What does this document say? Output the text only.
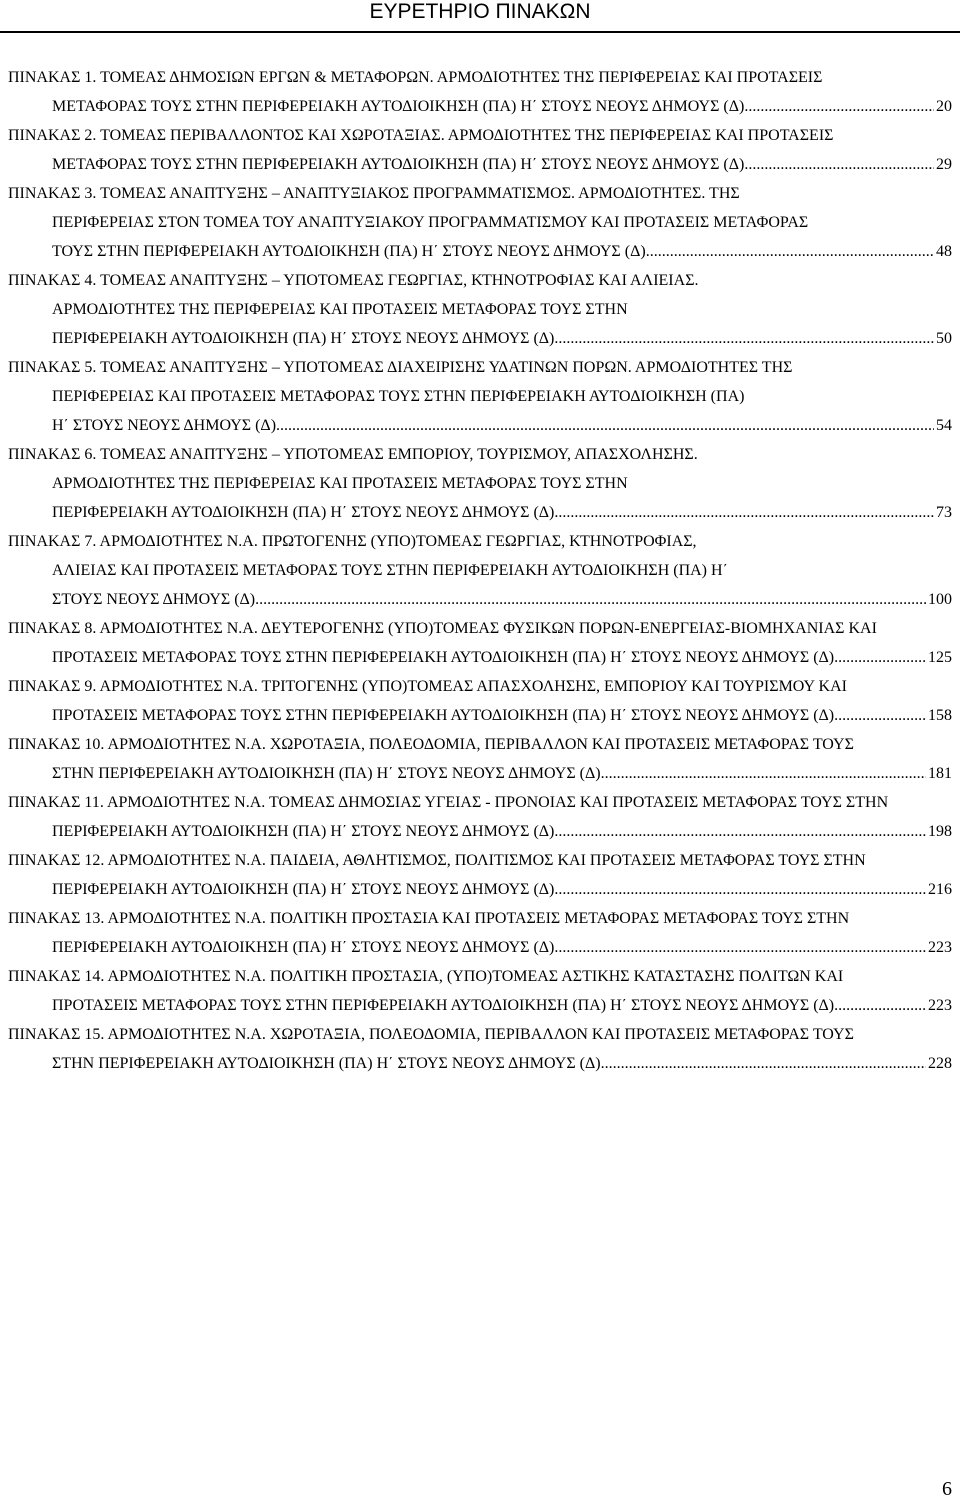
ΕΥΡΕΤΗΡΙΟ ΠΙΝΑΚΩΝ
ΠΙΝΑΚΑΣ 1. ΤΟΜΕΑΣ ΔΗΜΟΣΙΩΝ ΕΡΓΩΝ & ΜΕΤΑΦΟΡΩΝ. ΑΡΜΟΔΙΟΤΗΤΕΣ ΤΗΣ ΠΕΡΙΦΕΡΕΙΑΣ ΚΑΙ ΠΡΟΤΑΣΕΙΣ
ΜΕΤΑΦΟΡΑΣ ΤΟΥΣ ΣΤΗΝ ΠΕΡΙΦΕΡΕΙΑΚΗ ΑΥΤΟΔΙΟΙΚΗΣΗ (ΠΑ) Η΄ ΣΤΟΥΣ ΝΕΟΥΣ ΔΗΜΟΥΣ (Δ) .....	20
ΠΙΝΑΚΑΣ 2. ΤΟΜΕΑΣ ΠΕΡΙΒΑΛΛΟΝΤΟΣ ΚΑΙ ΧΩΡΟΤΑΞΙΑΣ. ΑΡΜΟΔΙΟΤΗΤΕΣ ΤΗΣ ΠΕΡΙΦΕΡΕΙΑΣ ΚΑΙ ΠΡΟΤΑΣΕΙΣ
ΜΕΤΑΦΟΡΑΣ ΤΟΥΣ ΣΤΗΝ ΠΕΡΙΦΕΡΕΙΑΚΗ ΑΥΤΟΔΙΟΙΚΗΣΗ (ΠΑ) Η΄ ΣΤΟΥΣ ΝΕΟΥΣ ΔΗΜΟΥΣ (Δ) .....	29
ΠΙΝΑΚΑΣ 3. ΤΟΜΕΑΣ ΑΝΑΠΤΥΞΗΣ – ΑΝΑΠΤΥΞΙΑΚΟΣ ΠΡΟΓΡΑΜΜΑΤΙΣΜΟΣ. ΑΡΜΟΔΙΟΤΗΤΕΣ. ΤΗΣ
ΠΕΡΙΦΕΡΕΙΑΣ ΣΤΟΝ ΤΟΜΕΑ ΤΟΥ ΑΝΑΠΤΥΞΙΑΚΟΥ ΠΡΟΓΡΑΜΜΑΤΙΣΜΟΥ ΚΑΙ ΠΡΟΤΑΣΕΙΣ ΜΕΤΑΦΟΡΑΣ
ΤΟΥΣ ΣΤΗΝ ΠΕΡΙΦΕΡΕΙΑΚΗ ΑΥΤΟΔΙΟΙΚΗΣΗ (ΠΑ) Η΄ ΣΤΟΥΣ ΝΕΟΥΣ ΔΗΜΟΥΣ (Δ) .....	48
ΠΙΝΑΚΑΣ 4. ΤΟΜΕΑΣ ΑΝΑΠΤΥΞΗΣ – ΥΠΟΤΟΜΕΑΣ ΓΕΩΡΓΙΑΣ, ΚΤΗΝΟΤΡΟΦΙΑΣ ΚΑΙ ΑΛΙΕΙΑΣ.
ΑΡΜΟΔΙΟΤΗΤΕΣ ΤΗΣ ΠΕΡΙΦΕΡΕΙΑΣ ΚΑΙ ΠΡΟΤΑΣΕΙΣ ΜΕΤΑΦΟΡΑΣ ΤΟΥΣ ΣΤΗΝ
ΠΕΡΙΦΕΡΕΙΑΚΗ ΑΥΤΟΔΙΟΙΚΗΣΗ (ΠΑ) Η΄ ΣΤΟΥΣ ΝΕΟΥΣ ΔΗΜΟΥΣ (Δ) .....	50
ΠΙΝΑΚΑΣ 5. ΤΟΜΕΑΣ ΑΝΑΠΤΥΞΗΣ – ΥΠΟΤΟΜΕΑΣ ΔΙΑΧΕΙΡΙΣΗΣ ΥΔΑΤΙΝΩΝ ΠΟΡΩΝ. ΑΡΜΟΔΙΟΤΗΤΕΣ ΤΗΣ
ΠΕΡΙΦΕΡΕΙΑΣ ΚΑΙ ΠΡΟΤΑΣΕΙΣ ΜΕΤΑΦΟΡΑΣ ΤΟΥΣ ΣΤΗΝ ΠΕΡΙΦΕΡΕΙΑΚΗ ΑΥΤΟΔΙΟΙΚΗΣΗ (ΠΑ)
Η΄ ΣΤΟΥΣ ΝΕΟΥΣ ΔΗΜΟΥΣ (Δ) .....	54
ΠΙΝΑΚΑΣ 6. ΤΟΜΕΑΣ ΑΝΑΠΤΥΞΗΣ – ΥΠΟΤΟΜΕΑΣ ΕΜΠΟΡΙΟΥ, ΤΟΥΡΙΣΜΟΥ, ΑΠΑΣΧΟΛΗΣΗΣ.
ΑΡΜΟΔΙΟΤΗΤΕΣ ΤΗΣ ΠΕΡΙΦΕΡΕΙΑΣ ΚΑΙ ΠΡΟΤΑΣΕΙΣ ΜΕΤΑΦΟΡΑΣ ΤΟΥΣ ΣΤΗΝ
ΠΕΡΙΦΕΡΕΙΑΚΗ ΑΥΤΟΔΙΟΙΚΗΣΗ (ΠΑ) Η΄ ΣΤΟΥΣ ΝΕΟΥΣ ΔΗΜΟΥΣ (Δ) .....	73
ΠΙΝΑΚΑΣ 7. ΑΡΜΟΔΙΟΤΗΤΕΣ Ν.Α. ΠΡΩΤΟΓΕΝΗΣ (ΥΠΟ)ΤΟΜΕΑΣ ΓΕΩΡΓΙΑΣ, ΚΤΗΝΟΤΡΟΦΙΑΣ,
ΑΛΙΕΙΑΣ ΚΑΙ ΠΡΟΤΑΣΕΙΣ ΜΕΤΑΦΟΡΑΣ ΤΟΥΣ ΣΤΗΝ ΠΕΡΙΦΕΡΕΙΑΚΗ ΑΥΤΟΔΙΟΙΚΗΣΗ (ΠΑ) Η΄
ΣΤΟΥΣ ΝΕΟΥΣ ΔΗΜΟΥΣ (Δ) .....	100
ΠΙΝΑΚΑΣ 8. ΑΡΜΟΔΙΟΤΗΤΕΣ Ν.Α. ΔΕΥΤΕΡΟΓΕΝΗΣ (ΥΠΟ)ΤΟΜΕΑΣ ΦΥΣΙΚΩΝ ΠΟΡΩΝ-ΕΝΕΡΓΕΙΑΣ-ΒΙΟΜΗΧΑΝΙΑΣ ΚΑΙ
ΠΡΟΤΑΣΕΙΣ ΜΕΤΑΦΟΡΑΣ ΤΟΥΣ ΣΤΗΝ ΠΕΡΙΦΕΡΕΙΑΚΗ ΑΥΤΟΔΙΟΙΚΗΣΗ (ΠΑ) Η΄ ΣΤΟΥΣ ΝΕΟΥΣ ΔΗΜΟΥΣ (Δ) .....	125
ΠΙΝΑΚΑΣ 9. ΑΡΜΟΔΙΟΤΗΤΕΣ Ν.Α. ΤΡΙΤΟΓΕΝΗΣ (ΥΠΟ)ΤΟΜΕΑΣ ΑΠΑΣΧΟΛΗΣΗΣ, ΕΜΠΟΡΙΟΥ ΚΑΙ ΤΟΥΡΙΣΜΟΥ ΚΑΙ
ΠΡΟΤΑΣΕΙΣ ΜΕΤΑΦΟΡΑΣ ΤΟΥΣ ΣΤΗΝ ΠΕΡΙΦΕΡΕΙΑΚΗ ΑΥΤΟΔΙΟΙΚΗΣΗ (ΠΑ) Η΄ ΣΤΟΥΣ ΝΕΟΥΣ ΔΗΜΟΥΣ (Δ) .....	158
ΠΙΝΑΚΑΣ 10. ΑΡΜΟΔΙΟΤΗΤΕΣ Ν.Α. ΧΩΡΟΤΑΞΙΑ, ΠΟΛΕΟΔΟΜΙΑ, ΠΕΡΙΒΑΛΛΟΝ ΚΑΙ ΠΡΟΤΑΣΕΙΣ ΜΕΤΑΦΟΡΑΣ ΤΟΥΣ
ΣΤΗΝ ΠΕΡΙΦΕΡΕΙΑΚΗ ΑΥΤΟΔΙΟΙΚΗΣΗ (ΠΑ) Η΄ ΣΤΟΥΣ ΝΕΟΥΣ ΔΗΜΟΥΣ (Δ) .....	181
ΠΙΝΑΚΑΣ 11. ΑΡΜΟΔΙΟΤΗΤΕΣ Ν.Α. ΤΟΜΕΑΣ ΔΗΜΟΣΙΑΣ ΥΓΕΙΑΣ - ΠΡΟΝΟΙΑΣ ΚΑΙ ΠΡΟΤΑΣΕΙΣ ΜΕΤΑΦΟΡΑΣ ΤΟΥΣ ΣΤΗΝ
ΠΕΡΙΦΕΡΕΙΑΚΗ ΑΥΤΟΔΙΟΙΚΗΣΗ (ΠΑ) Η΄ ΣΤΟΥΣ ΝΕΟΥΣ ΔΗΜΟΥΣ (Δ) .....	198
ΠΙΝΑΚΑΣ 12. ΑΡΜΟΔΙΟΤΗΤΕΣ Ν.Α. ΠΑΙΔΕΙΑ, ΑΘΛΗΤΙΣΜΟΣ, ΠΟΛΙΤΙΣΜΟΣ ΚΑΙ ΠΡΟΤΑΣΕΙΣ ΜΕΤΑΦΟΡΑΣ ΤΟΥΣ ΣΤΗΝ
ΠΕΡΙΦΕΡΕΙΑΚΗ ΑΥΤΟΔΙΟΙΚΗΣΗ (ΠΑ) Η΄ ΣΤΟΥΣ ΝΕΟΥΣ ΔΗΜΟΥΣ (Δ) .....	216
ΠΙΝΑΚΑΣ 13. ΑΡΜΟΔΙΟΤΗΤΕΣ Ν.Α. ΠΟΛΙΤΙΚΗ ΠΡΟΣΤΑΣΙΑ ΚΑΙ ΠΡΟΤΑΣΕΙΣ ΜΕΤΑΦΟΡΑΣ ΜΕΤΑΦΟΡΑΣ ΤΟΥΣ ΣΤΗΝ
ΠΕΡΙΦΕΡΕΙΑΚΗ ΑΥΤΟΔΙΟΙΚΗΣΗ (ΠΑ) Η΄ ΣΤΟΥΣ ΝΕΟΥΣ ΔΗΜΟΥΣ (Δ) .....	223
ΠΙΝΑΚΑΣ 14. ΑΡΜΟΔΙΟΤΗΤΕΣ Ν.Α. ΠΟΛΙΤΙΚΗ ΠΡΟΣΤΑΣΙΑ, (ΥΠΟ)ΤΟΜΕΑΣ ΑΣΤΙΚΗΣ ΚΑΤΑΣΤΑΣΗΣ ΠΟΛΙΤΩΝ ΚΑΙ
ΠΡΟΤΑΣΕΙΣ ΜΕΤΑΦΟΡΑΣ ΤΟΥΣ ΣΤΗΝ ΠΕΡΙΦΕΡΕΙΑΚΗ ΑΥΤΟΔΙΟΙΚΗΣΗ (ΠΑ) Η΄ ΣΤΟΥΣ ΝΕΟΥΣ ΔΗΜΟΥΣ (Δ) .....	223
ΠΙΝΑΚΑΣ 15. ΑΡΜΟΔΙΟΤΗΤΕΣ Ν.Α. ΧΩΡΟΤΑΞΙΑ, ΠΟΛΕΟΔΟΜΙΑ, ΠΕΡΙΒΑΛΛΟΝ ΚΑΙ ΠΡΟΤΑΣΕΙΣ ΜΕΤΑΦΟΡΑΣ ΤΟΥΣ
ΣΤΗΝ ΠΕΡΙΦΕΡΕΙΑΚΗ ΑΥΤΟΔΙΟΙΚΗΣΗ (ΠΑ) Η΄ ΣΤΟΥΣ ΝΕΟΥΣ ΔΗΜΟΥΣ (Δ) .....	228
6
